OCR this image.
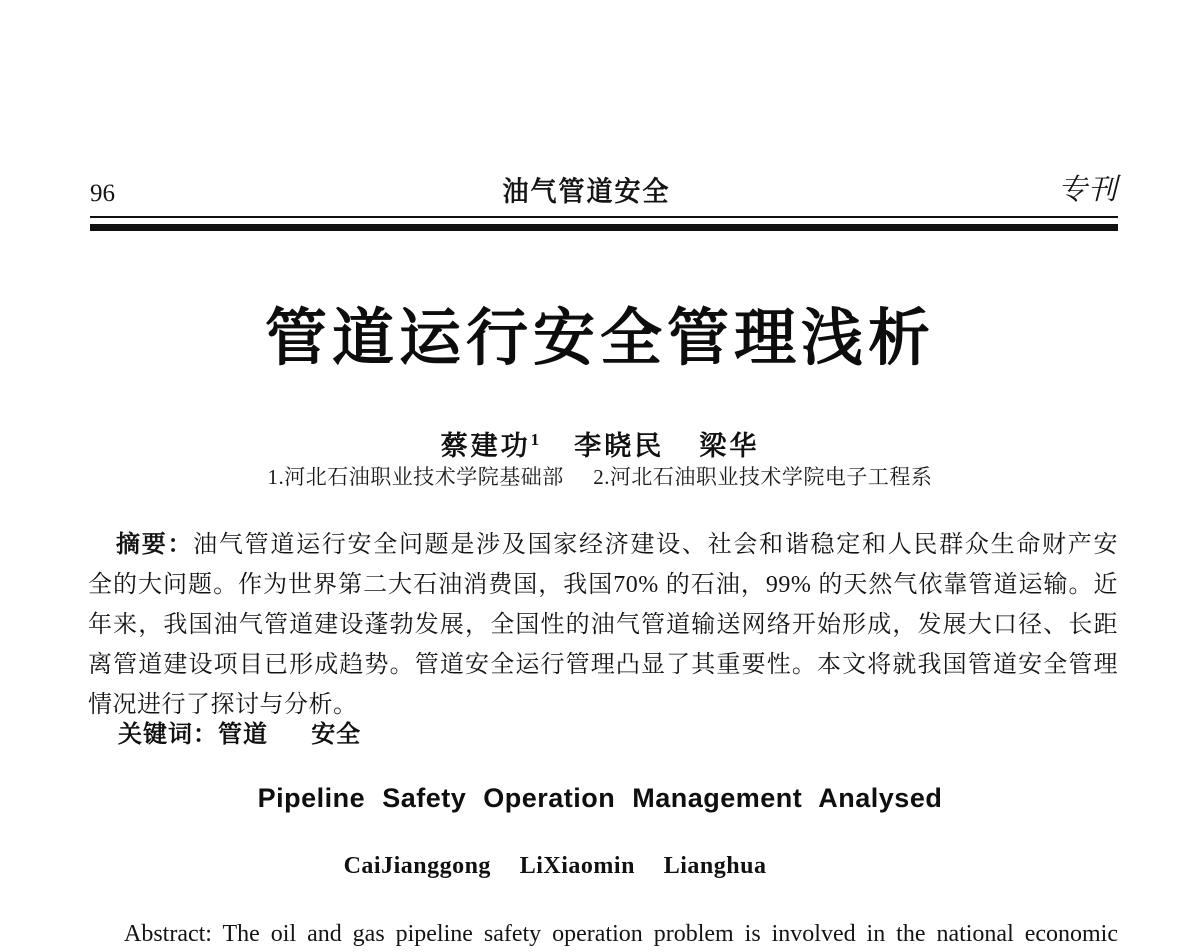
96	油气管道安全	专刊
管道运行安全管理浅析
蔡建功$^1$ 李晓民 梁华
1.河北石油职业技术学院基础部 2.河北石油职业技术学院电子工程系
摘要：油气管道运行安全问题是涉及国家经济建设、社会和谐稳定和人民群众生命财产安
全的大问题。作为世界第二大石油消费国，我国70% 的石油，99% 的天然气依靠管道运输。近
年来，我国油气管道建设蓬勃发展，全国性的油气管道输送网络开始形成，发展大口径、长距
离管道建设项目已形成趋势。管道安全运行管理凸显了其重要性。本文将就我国管道安全管理
情况进行了探讨与分析。
关键词：管道 安全
Pipeline Safety Operation Management Analysed
CaiJianggong LiXiaomin Lianghua
Abstract: The oil and gas pipeline safety operation problem is involved in the national economic
